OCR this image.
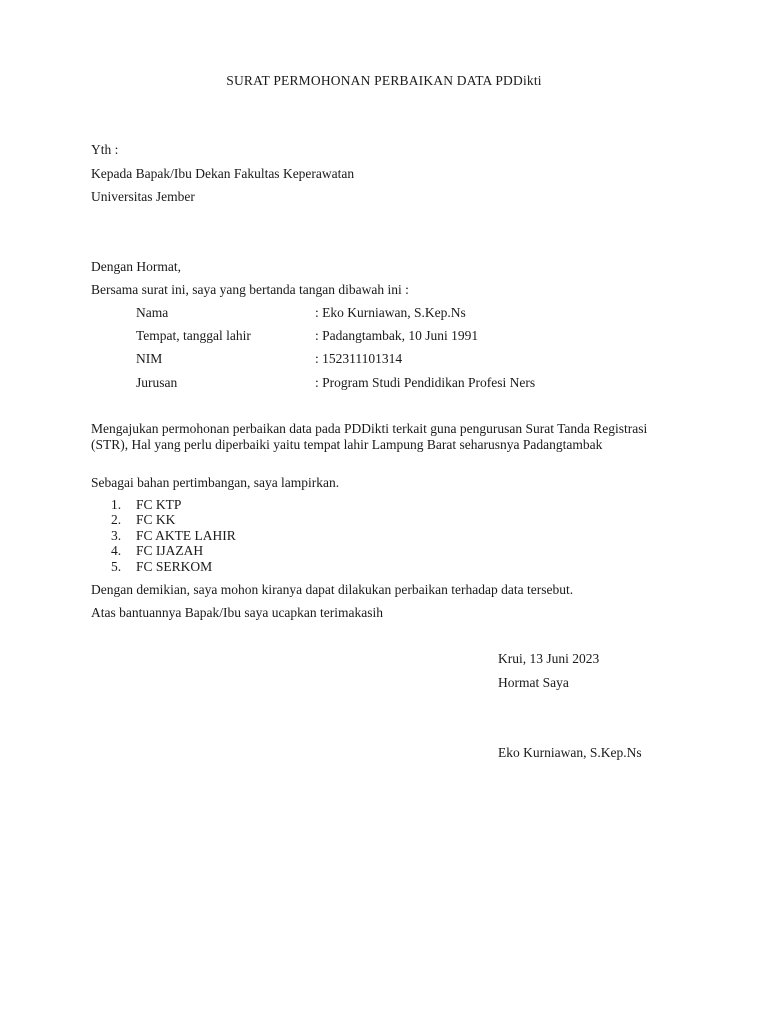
SURAT PERMOHONAN PERBAIKAN DATA PDDikti
Yth :
Kepada Bapak/Ibu Dekan Fakultas Keperawatan
Universitas Jember
Dengan Hormat,
Bersama surat ini, saya yang bertanda tangan dibawah ini :
Nama	: Eko Kurniawan, S.Kep.Ns
Tempat, tanggal lahir	: Padangtambak, 10 Juni 1991
NIM	: 152311101314
Jurusan	: Program Studi Pendidikan Profesi Ners
Mengajukan permohonan perbaikan data pada PDDikti terkait guna pengurusan Surat Tanda Registrasi (STR), Hal yang perlu diperbaiki yaitu tempat lahir Lampung Barat seharusnya Padangtambak
Sebagai bahan pertimbangan, saya lampirkan.
1. FC KTP
2. FC KK
3. FC AKTE LAHIR
4. FC IJAZAH
5. FC SERKOM
Dengan demikian, saya mohon kiranya dapat dilakukan perbaikan terhadap data tersebut.
Atas bantuannya Bapak/Ibu saya ucapkan terimakasih
Krui, 13 Juni 2023
Hormat Saya
Eko Kurniawan, S.Kep.Ns
